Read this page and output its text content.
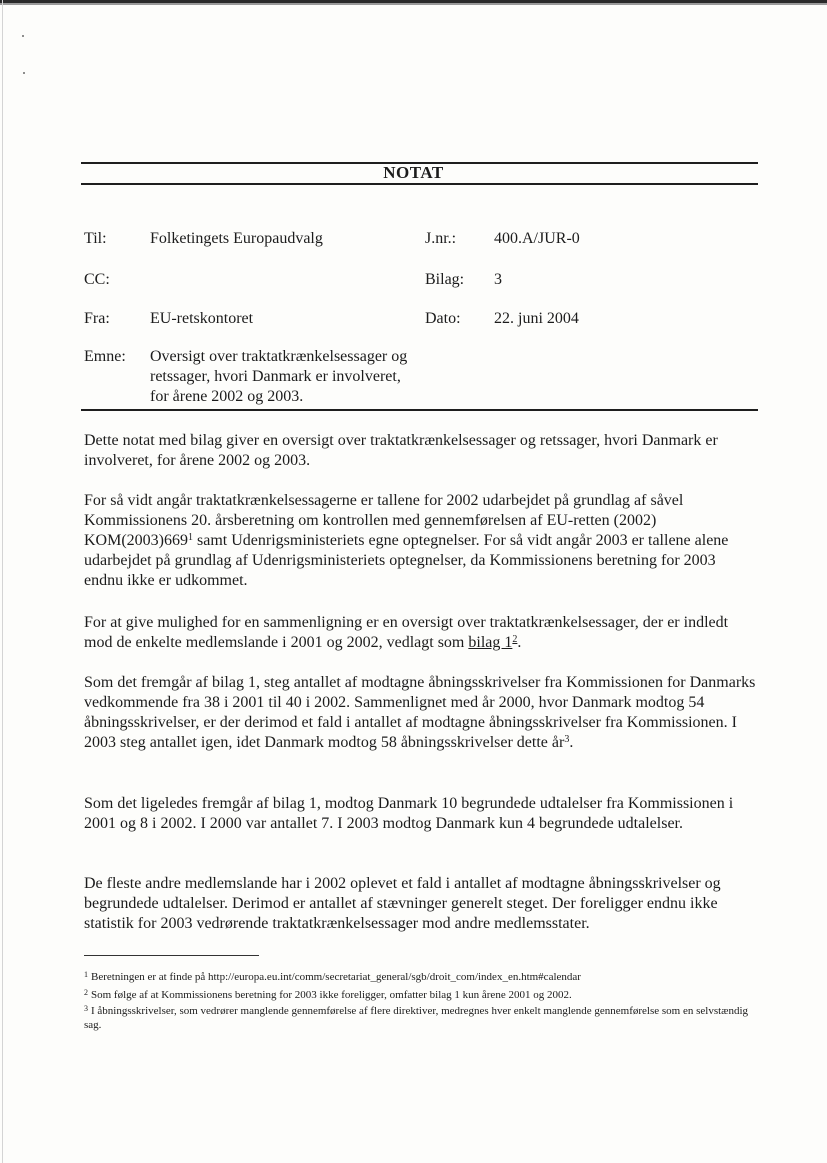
NOTAT
Til:	Folketingets Europaudvalg	J.nr.: 400.A/JUR-0
CC:	Bilag: 3
Fra:	EU-retskontoret	Dato: 22. juni 2004
Emne: Oversigt over traktatkrænkelsessager og retssager, hvori Danmark er involveret, for årene 2002 og 2003.

Dette notat med bilag giver en oversigt over traktatkrænkelsessager og retssager, hvori Danmark er involveret, for årene 2002 og 2003.

For så vidt angår traktatkrænkelsessagerne er tallene for 2002 udarbejdet på grundlag af såvel Kommissionens 20. årsberetning om kontrollen med gennemførelsen af EU-retten (2002) $KOM(2003)669^1$ samt Udenrigsministeriets egne optegnelser. For så vidt angår 2003 er tallene alene udarbejdet på grundlag af Udenrigsministeriets optegnelser, da Kommissionens beretning for 2003 endnu ikke er udkommet.

For at give mulighed for en sammenligning er en oversigt over traktatkrænkelsessager, der er indledt mod de enkelte medlemslande i 2001 og 2002, vedlagt som bilag $1^2$.

Som det fremgår af bilag 1, steg antallet af modtagne åbningsskrivelser fra Kommissionen for Danmarks vedkommende fra 38 i 2001 til 40 i 2002. Sammenlignet med år 2000, hvor Danmark modtog 54 åbningsskrivelser, er der derimod et fald i antallet af modtagne åbningsskrivelser fra Kommissionen. I 2003 steg antallet igen, idet Danmark modtog 58 åbningsskrivelser dette $år^3$.

Som det ligeledes fremgår af bilag 1, modtog Danmark 10 begrundede udtalelser fra Kommissionen i 2001 og 8 i 2002. I 2000 var antallet 7. I 2003 modtog Danmark kun 4 begrundede udtalelser.

De fleste andre medlemslande har i 2002 oplevet et fald i antallet af modtagne åbningsskrivelser og begrundede udtalelser. Derimod er antallet af stævninger generelt steget. Der foreligger endnu ikke statistik for 2003 vedrørende traktatkrænkelsessager mod andre medlemsstater.

$^1$ Beretningen er at finde på http://europa.eu.int/comm/secretariat_general/sgb/droit_com/index_en.htm#calendar
$^2$ Som følge af at Kommissionens beretning for 2003 ikke foreligger, omfatter bilag 1 kun årene 2001 og 2002.
$^3$ I åbningsskrivelser, som vedrører manglende gennemførelse af flere direktiver, medregnes hver enkelt manglende gennemførelse som en selvstændig sag.
